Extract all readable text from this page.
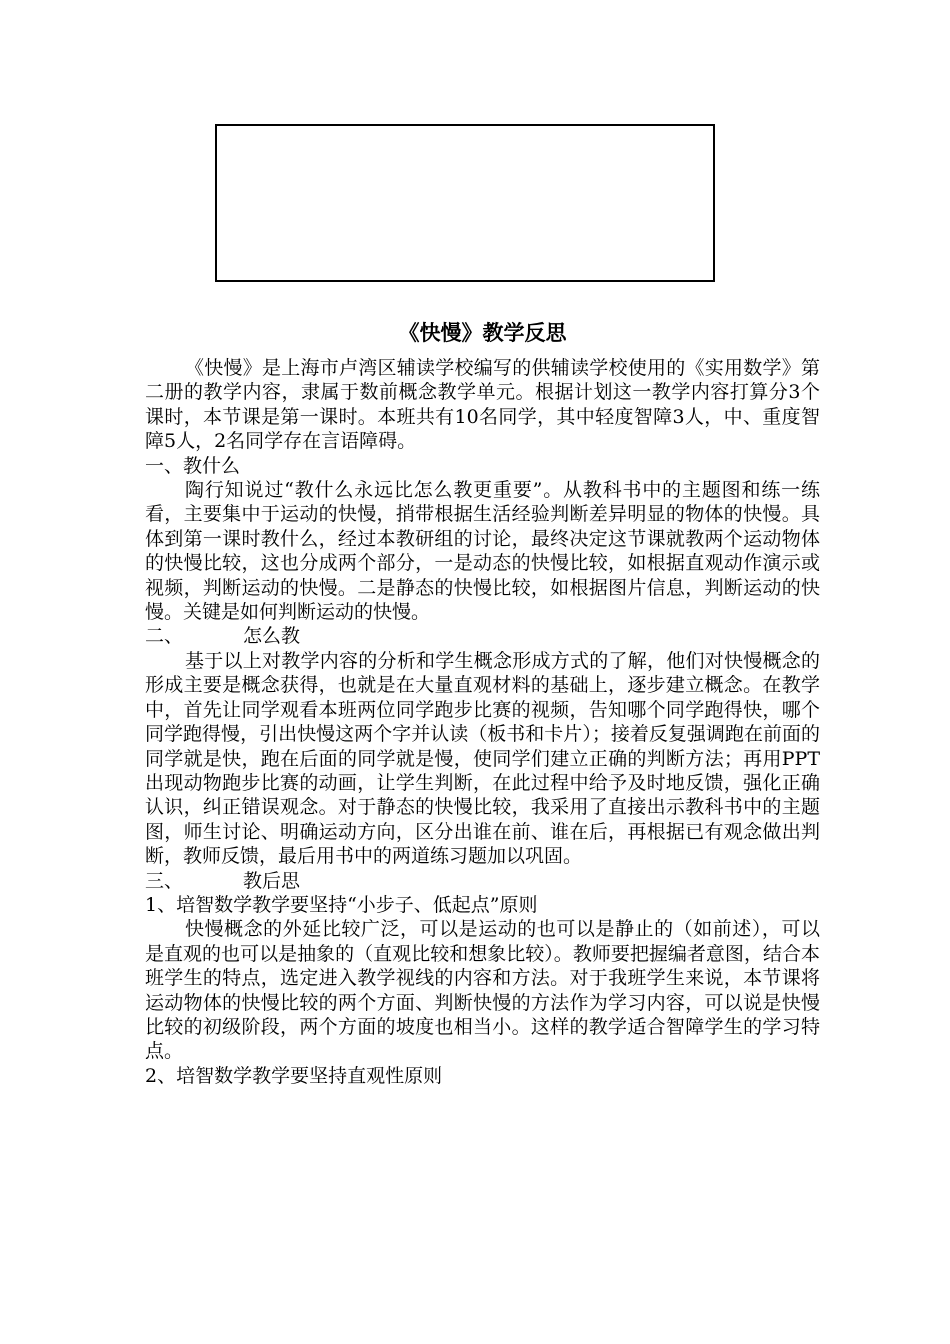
《快慢》教学反思

《快慢》是上海市卢湾区辅读学校编写的供辅读学校使用的《实用数学》第二册的教学内容，隶属于数前概念教学单元。根据计划这一教学内容打算分3个课时，本节课是第一课时。本班共有10名同学，其中轻度智障3人，中、重度智障5人，2名同学存在言语障碍。

一、教什么

陶行知说过“教什么永远比怎么教更重要”。从教科书中的主题图和练一练看，主要集中于运动的快慢，捎带根据生活经验判断差异明显的物体的快慢。具体到第一课时教什么，经过本教研组的讨论，最终决定这节课就教两个运动物体的快慢比较，这也分成两个部分，一是动态的快慢比较，如根据直观动作演示或视频，判断运动的快慢。二是静态的快慢比较，如根据图片信息，判断运动的快慢。关键是如何判断运动的快慢。

二、	怎么教

基于以上对教学内容的分析和学生概念形成方式的了解，他们对快慢概念的形成主要是概念获得，也就是在大量直观材料的基础上，逐步建立概念。在教学中，首先让同学观看本班两位同学跑步比赛的视频，告知哪个同学跑得快，哪个同学跑得慢，引出快慢这两个字并认读（板书和卡片）；接着反复强调跑在前面的同学就是快，跑在后面的同学就是慢，使同学们建立正确的判断方法；再用PPT出现动物跑步比赛的动画，让学生判断，在此过程中给予及时地反馈，强化正确认识，纠正错误观念。对于静态的快慢比较，我采用了直接出示教科书中的主题图，师生讨论、明确运动方向，区分出谁在前、谁在后，再根据已有观念做出判断，教师反馈，最后用书中的两道练习题加以巩固。

三、	教后思

1、培智数学教学要坚持“小步子、低起点”原则

快慢概念的外延比较广泛，可以是运动的也可以是静止的（如前述），可以是直观的也可以是抽象的（直观比较和想象比较）。教师要把握编者意图，结合本班学生的特点，选定进入教学视线的内容和方法。对于我班学生来说，本节课将运动物体的快慢比较的两个方面、判断快慢的方法作为学习内容，可以说是快慢比较的初级阶段，两个方面的坡度也相当小。这样的教学适合智障学生的学习特点。

2、培智数学教学要坚持直观性原则
